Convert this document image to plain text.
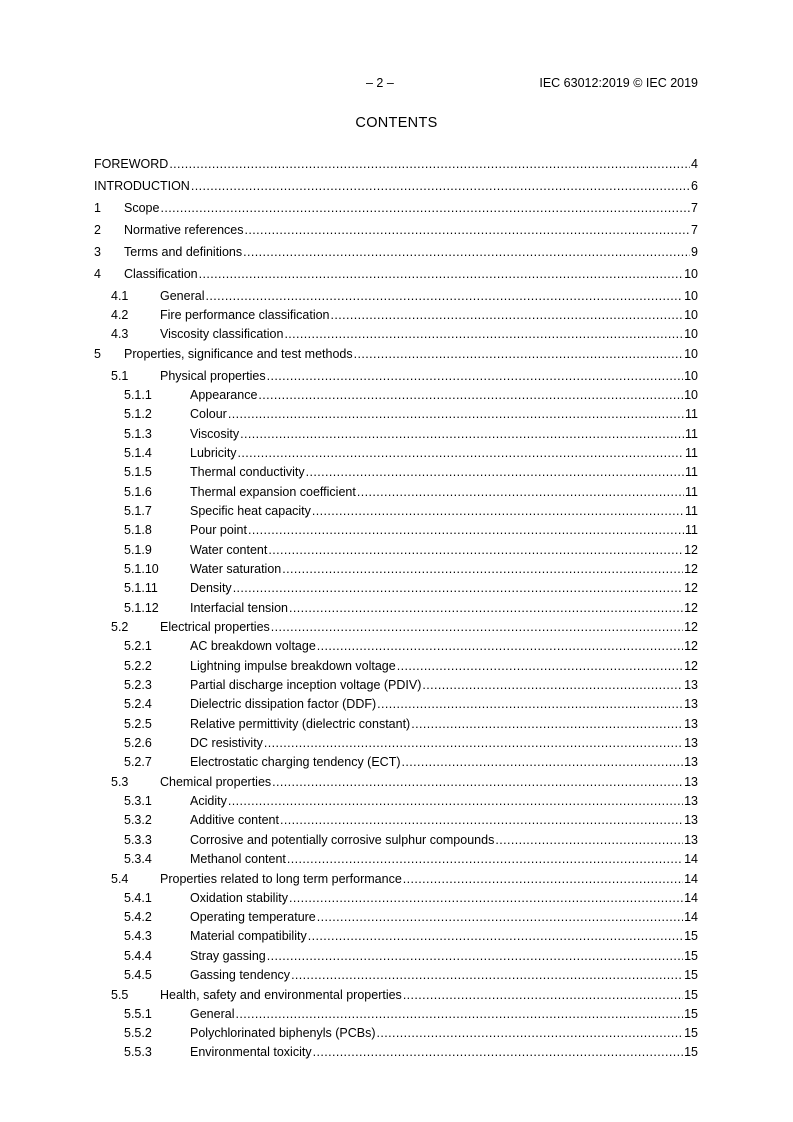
– 2 –	IEC 63012:2019 © IEC 2019
CONTENTS
FOREWORD .....	4
INTRODUCTION .....	6
1	Scope .....	7
2	Normative references .....	7
3	Terms and definitions .....	9
4	Classification .....	10
4.1	General .....	10
4.2	Fire performance classification .....	10
4.3	Viscosity classification .....	10
5	Properties, significance and test methods .....	10
5.1	Physical properties .....	10
5.1.1	Appearance .....	10
5.1.2	Colour .....	11
5.1.3	Viscosity .....	11
5.1.4	Lubricity .....	11
5.1.5	Thermal conductivity .....	11
5.1.6	Thermal expansion coefficient .....	11
5.1.7	Specific heat capacity .....	11
5.1.8	Pour point .....	11
5.1.9	Water content .....	12
5.1.10	Water saturation .....	12
5.1.11	Density .....	12
5.1.12	Interfacial tension .....	12
5.2	Electrical properties .....	12
5.2.1	AC breakdown voltage .....	12
5.2.2	Lightning impulse breakdown voltage .....	12
5.2.3	Partial discharge inception voltage (PDIV) .....	13
5.2.4	Dielectric dissipation factor (DDF) .....	13
5.2.5	Relative permittivity (dielectric constant) .....	13
5.2.6	DC resistivity .....	13
5.2.7	Electrostatic charging tendency (ECT) .....	13
5.3	Chemical properties .....	13
5.3.1	Acidity .....	13
5.3.2	Additive content .....	13
5.3.3	Corrosive and potentially corrosive sulphur compounds .....	13
5.3.4	Methanol content .....	14
5.4	Properties related to long term performance .....	14
5.4.1	Oxidation stability .....	14
5.4.2	Operating temperature .....	14
5.4.3	Material compatibility .....	15
5.4.4	Stray gassing .....	15
5.4.5	Gassing tendency .....	15
5.5	Health, safety and environmental properties .....	15
5.5.1	General .....	15
5.5.2	Polychlorinated biphenyls (PCBs) .....	15
5.5.3	Environmental toxicity .....	15
